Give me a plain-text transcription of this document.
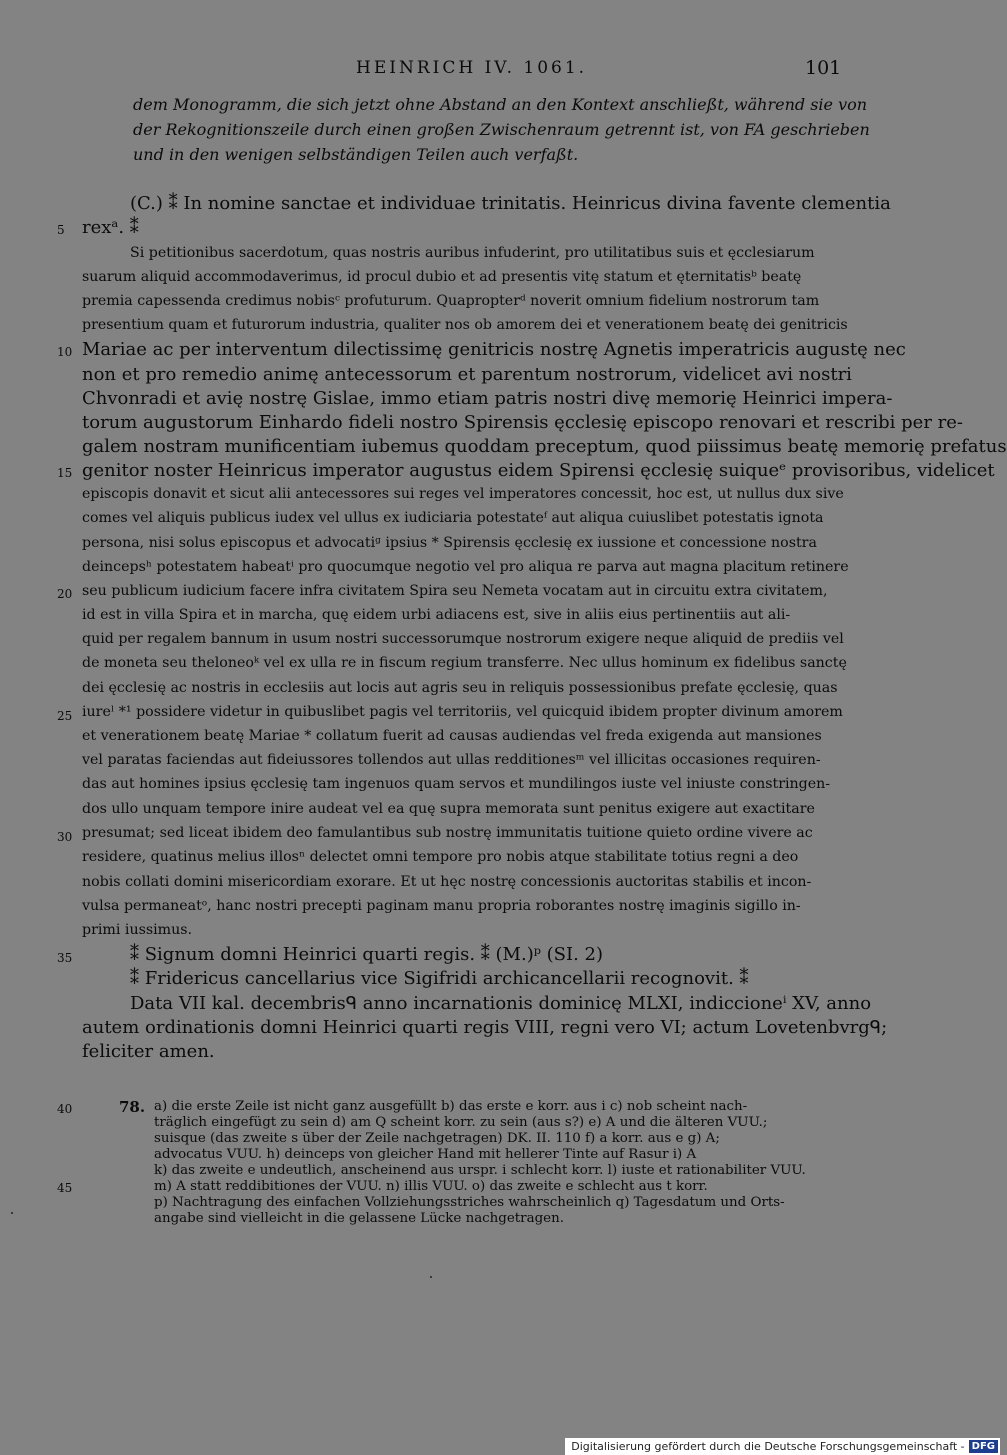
HEINRICH IV. 1061.	101
dem Monogramm, die sich jetzt ohne Abstand an den Kontext anschließt, während sie von
der Rekognitionszeile durch einen großen Zwischenraum getrennt ist, von FA geschrieben
und in den wenigen selbständigen Teilen auch verfaßt.
(C.) ⁑ In nomine sanctae et individuae trinitatis. Heinricus divina favente clementia
rexᵃ. ⁑
Si petitionibus sacerdotum, quas nostris auribus infuderint, pro utilitatibus suis et ęcclesiarum
suarum aliquid accommodaverimus, id procul dubio et ad presentis vitę statum et ęternitatisᵇ beatę
premia capessenda credimus nobisᶜ profuturum. Quapropterᵈ noverit omnium fidelium nostrorum tam
presentium quam et futurorum industria, qualiter nos ob amorem dei et venerationem beatę dei genitricis
Mariae ac per interventum dilectissimę genitricis nostrę Agnetis imperatricis augustę nec
non et pro remedio animę antecessorum et parentum nostrorum, videlicet avi nostri
Chvonradi et avię nostrę Gislae, immo etiam patris nostri divę memorię Heinrici impera-
torum augustorum Einhardo fideli nostro Spirensis ęcclesię episcopo renovari et rescribi per re-
galem nostram munificentiam iubemus quoddam preceptum, quod piissimus beatę memorię prefatus
genitor noster Heinricus imperator augustus eidem Spirensi ęcclesię suiqueᵉ provisoribus, videlicet
episcopis donavit et sicut alii antecessores sui reges vel imperatores concessit, hoc est, ut nullus dux sive
comes vel aliquis publicus iudex vel ullus ex iudiciaria potestateᶠ aut aliqua cuiuslibet potestatis ignota
persona, nisi solus episcopus et advocatiᵍ ipsius * Spirensis ęcclesię ex iussione et concessione nostra
deincepsʰ potestatem habeatⁱ pro quocumque negotio vel pro aliqua re parva aut magna placitum retinere
seu publicum iudicium facere infra civitatem Spira seu Nemeta vocatam aut in circuitu extra civitatem,
id est in villa Spira et in marcha, quę eidem urbi adiacens est, sive in aliis eius pertinentiis aut ali-
quid per regalem bannum in usum nostri successorumque nostrorum exigere neque aliquid de prediis vel
de moneta seu theloneoᵏ vel ex ulla re in fiscum regium transferre. Nec ullus hominum ex fidelibus sanctę
dei ęcclesię ac nostris in ecclesiis aut locis aut agris seu in reliquis possessionibus prefate ęcclesię, quas
iureˡ *¹ possidere videtur in quibuslibet pagis vel territoriis, vel quicquid ibidem propter divinum amorem
et venerationem beatę Mariae * collatum fuerit ad causas audiendas vel freda exigenda aut mansiones
vel paratas faciendas aut fideiussores tollendos aut ullas redditionesᵐ vel illicitas occasiones requiren-
das aut homines ipsius ęcclesię tam ingenuos quam servos et mundilingos iuste vel iniuste constringen-
dos ullo unquam tempore inire audeat vel ea quę supra memorata sunt penitus exigere aut exactitare
presumat; sed liceat ibidem deo famulantibus sub nostrę immunitatis tuitione quieto ordine vivere ac
residere, quatinus melius illosⁿ delectet omni tempore pro nobis atque stabilitate totius regni a deo
nobis collati domini misericordiam exorare. Et ut hęc nostrę concessionis auctoritas stabilis et incon-
vulsa permaneatᵒ, hanc nostri precepti paginam manu propria roborantes nostrę imaginis sigillo in-
primi iussimus.
⁑ Signum domni Heinrici quarti regis. ⁑ (M.)ᵖ (SI. 2)
⁑ Fridericus cancellarius vice Sigifridi archicancellarii recognovit. ⁑
Data VII kal. decembrisᑫ anno incarnationis dominicę MLXI, indiccioneⁱ XV, anno
autem ordinationis domni Heinrici quarti regis VIII, regni vero VI; actum Lovetenbvrgᑫ;
feliciter amen.
5
10
15
20
25
30
35
40
45
78. a) die erste Zeile ist nicht ganz ausgefüllt b) das erste e korr. aus i c) nob scheint nach-
träglich eingefügt zu sein d) am Q scheint korr. zu sein (aus s?) e) A und die älteren VUU.;
suisque (das zweite s über der Zeile nachgetragen) DK. II. 110 f) a korr. aus e g) A;
advocatus VUU. h) deinceps von gleicher Hand mit hellerer Tinte auf Rasur i) A
k) das zweite e undeutlich, anscheinend aus urspr. i schlecht korr. l) iuste et rationabiliter VUU.
m) A statt reddibitiones der VUU. n) illis VUU. o) das zweite e schlecht aus t korr.
p) Nachtragung des einfachen Vollziehungsstriches wahrscheinlich q) Tagesdatum und Orts-
angabe sind vielleicht in die gelassene Lücke nachgetragen.
Digitalisierung gefördert durch die Deutsche Forschungsgemeinschaft - DFG
